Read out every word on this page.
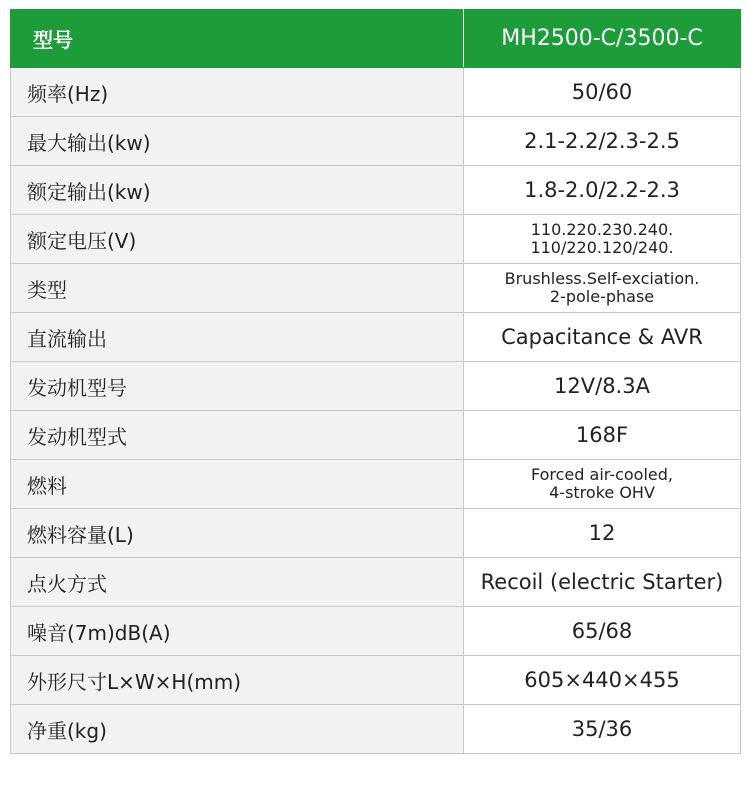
型号	MH2500-C/3500-C
频率(Hz)	50/60
最大输出(kw)	2.1-2.2/2.3-2.5
额定输出(kw)	1.8-2.0/2.2-2.3
额定电压(V)	110.220.230.240.
110/220.120/240.

类型	Brushless.Self-exciation.
2-pole-phase

直流输出	Capacitance & AVR
发动机型号	12V/8.3A
发动机型式	168F
燃料	Forced air-cooled,
4-stroke OHV

燃料容量(L)	12
点火方式	Recoil (electric Starter)
噪音(7m)dB(A)	65/68
外形尺寸L×W×H(mm)	605×440×455
净重(kg)	35/36
